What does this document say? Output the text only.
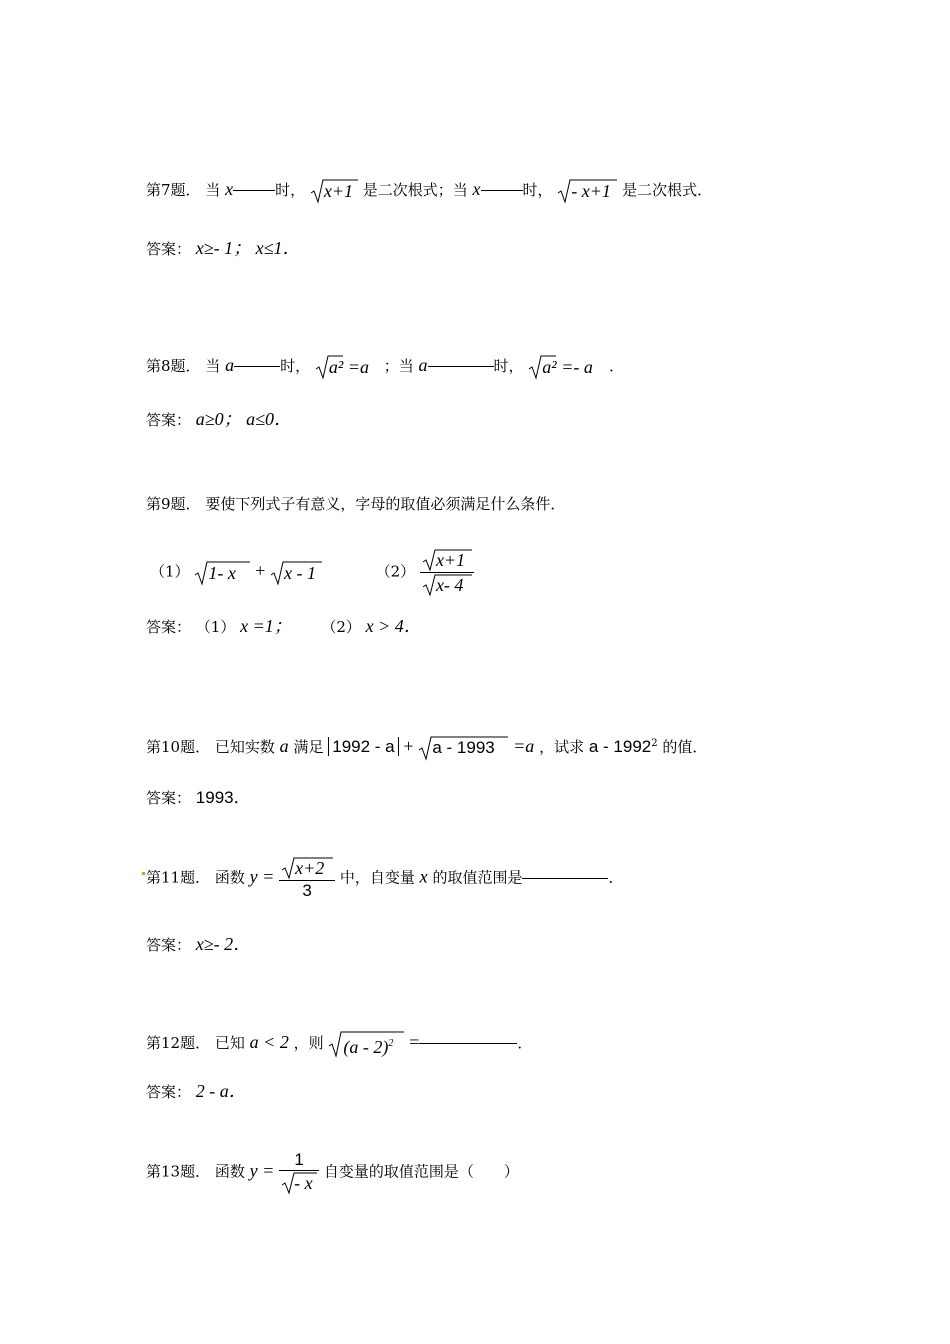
第7题． 当 x	时， x+1 是二次根式；当 x	时， - x+1 是二次根式．
答案： x≥- 1； x≤1．
第8题． 当 a	时， a² =a ；当 a	时， a² =- a ．
答案： a≥0； a≤0．
第9题． 要使下列式子有意义，字母的取值必须满足什么条件．
（1） 1- x + x - 1	$(2) \frac{x+1}{x- 4}$
答案： （1） x =1； （2） x > 4．
第10题． 已知实数 a 满足 1992 - a + a - 1993 =a ，试求 a - 1992$^2$ 的值．
答案： 1993．
第11题． 函数 $y = \frac{x+2}{3}$ 中，自变量 x 的取值范围是	．
答案： x≥- 2．
第12题． 已知 a < 2 ，则 (a - 2)$^2$ =	．
答案： 2 - a．
第13题． 函数 $y = \frac{1}{- x}$ 自变量的取值范围是（　　）
